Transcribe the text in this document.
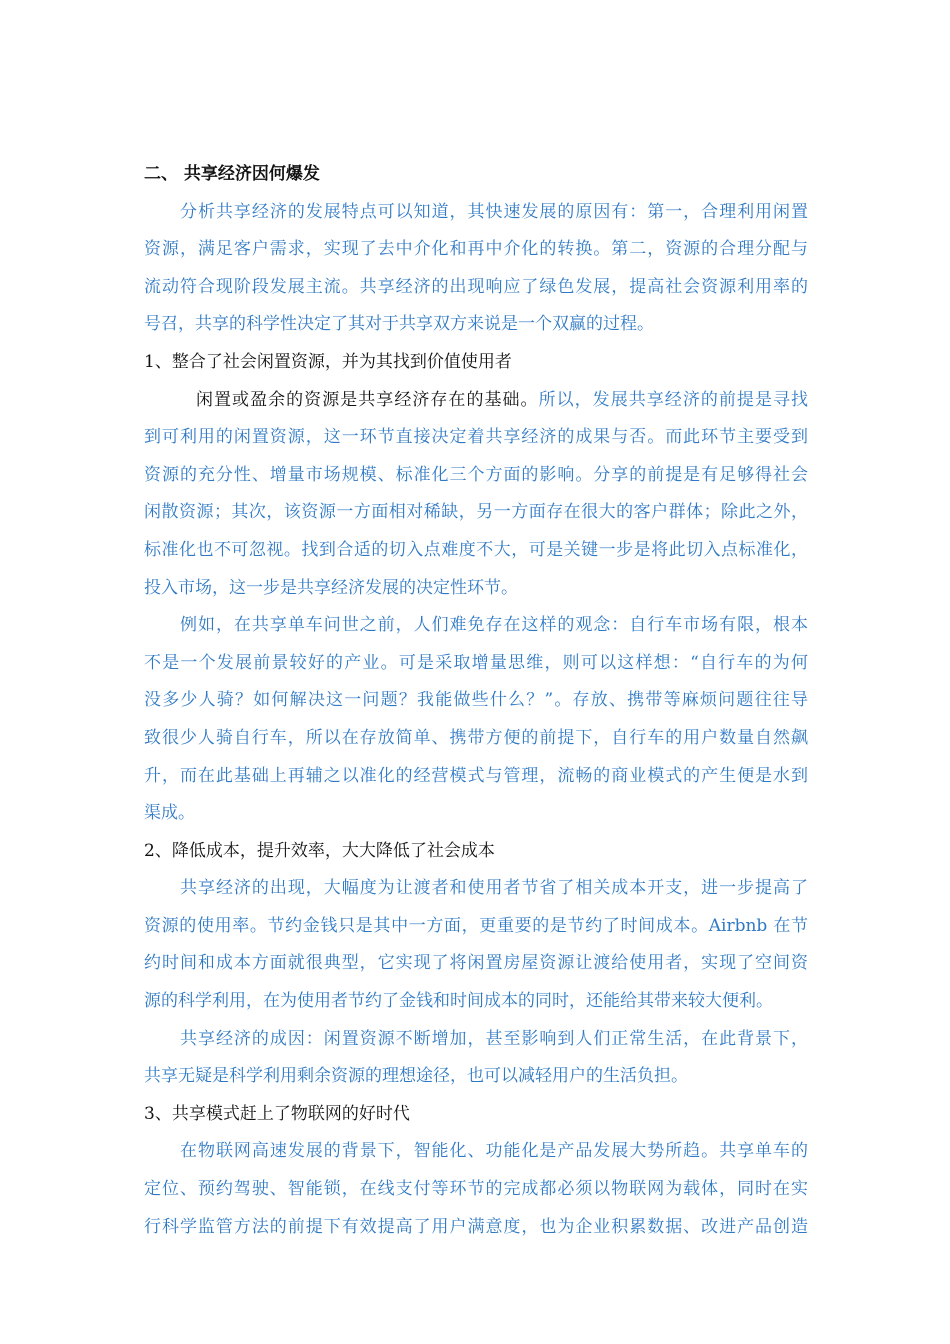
二、 共享经济因何爆发
分析共享经济的发展特点可以知道，其快速发展的原因有：第一，合理利用闲置
资源，满足客户需求，实现了去中介化和再中介化的转换。第二，资源的合理分配与
流动符合现阶段发展主流。共享经济的出现响应了绿色发展，提高社会资源利用率的
号召，共享的科学性决定了其对于共享双方来说是一个双赢的过程。
1、整合了社会闲置资源，并为其找到价值使用者
闲置或盈余的资源是共享经济存在的基础。所以，发展共享经济的前提是寻找
到可利用的闲置资源，这一环节直接决定着共享经济的成果与否。而此环节主要受到
资源的充分性、增量市场规模、标准化三个方面的影响。分享的前提是有足够得社会
闲散资源；其次，该资源一方面相对稀缺，另一方面存在很大的客户群体；除此之外，
标准化也不可忽视。找到合适的切入点难度不大，可是关键一步是将此切入点标准化，
投入市场，这一步是共享经济发展的决定性环节。
例如，在共享单车问世之前，人们难免存在这样的观念：自行车市场有限，根本
不是一个发展前景较好的产业。可是采取增量思维，则可以这样想：“自行车的为何
没多少人骑？如何解决这一问题？我能做些什么？”。存放、携带等麻烦问题往往导
致很少人骑自行车，所以在存放简单、携带方便的前提下，自行车的用户数量自然飙
升，而在此基础上再辅之以准化的经营模式与管理，流畅的商业模式的产生便是水到
渠成。
2、降低成本，提升效率，大大降低了社会成本
共享经济的出现，大幅度为让渡者和使用者节省了相关成本开支，进一步提高了
资源的使用率。节约金钱只是其中一方面，更重要的是节约了时间成本。Airbnb 在节
约时间和成本方面就很典型，它实现了将闲置房屋资源让渡给使用者，实现了空间资
源的科学利用，在为使用者节约了金钱和时间成本的同时，还能给其带来较大便利。
共享经济的成因：闲置资源不断增加，甚至影响到人们正常生活，在此背景下，
共享无疑是科学利用剩余资源的理想途径，也可以减轻用户的生活负担。
3、共享模式赶上了物联网的好时代
在物联网高速发展的背景下，智能化、功能化是产品发展大势所趋。共享单车的
定位、预约驾驶、智能锁，在线支付等环节的完成都必须以物联网为载体，同时在实
行科学监管方法的前提下有效提高了用户满意度，也为企业积累数据、改进产品创造
